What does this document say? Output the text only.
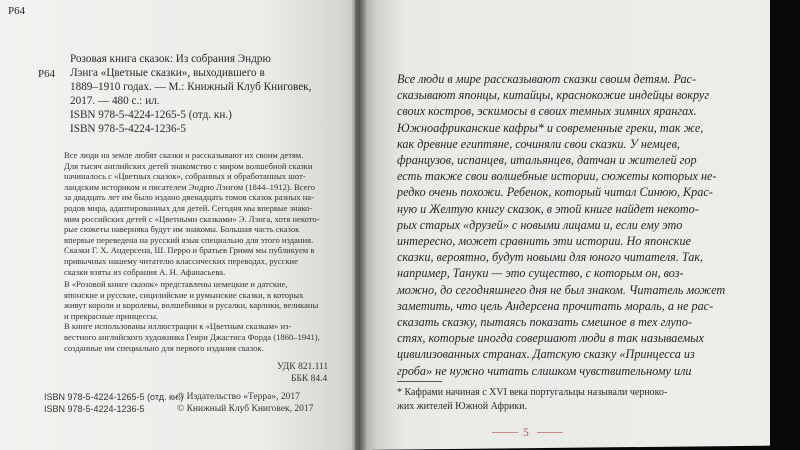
Р64
Р64
Розовая книга сказок: Из собрания Эндрю
Лэнга «Цветные сказки», выходившего в
1889–1910 годах. — М.: Книжный Клуб Книговек,
2017. — 480 с.: ил.
ISBN 978-5-4224-1265-5 (отд. кн.)
ISBN 978-5-4224-1236-5
Все люди на земле любят сказки и рассказывают их своим детям.
Для тысяч английских детей знакомство с миром волшебной сказки
начиналось с «Цветных сказок», собранных и обработанных шот-
ландским историком и писателем Эндрю Лэнгом (1844–1912). Всего
за двадцать лет им было издано двенадцать томов сказок разных на-
родов мира, адаптированных для детей. Сегодня мы впервые знако-
мим российских детей с «Цветными сказками» Э. Лэнга, хотя некото-
рые сюжеты наверняка будут им знакомы. Большая часть сказок
впервые переведена на русский язык специально для этого издания.
Сказки Г. Х. Андерсена, Ш. Перро и братьев Гримм мы публикуем в
привычных нашему читателю классических переводах, русские
сказки взяты из собрания А. Н. Афанасьева.
В «Розовой книге сказок» представлены немецкие и датские,
японские и русские, сицилийские и румынские сказки, в которых
живут короли и королевы, волшебники и русалки, карлики, великаны
и прекрасные принцессы.
В книге использованы иллюстрации к «Цветным сказкам» из-
вестного английского художника Генри Джастиса Форда (1860–1941),
созданные им специально для первого издания сказок.
УДК 821.111
ББК 84.4
ISBN 978-5-4224-1265-5 (отд. кн.)
ISBN 978-5-4224-1236-5
© Издательство «Терра», 2017
© Книжный Клуб Книговек, 2017
Все люди в мире рассказывают сказки своим детям. Рас-
сказывают японцы, китайцы, краснокожие индейцы вокруг
своих костров, эскимосы в своих темных зимних ярангах.
Южноафриканские кафры* и современные греки, так же,
как древние египтяне, сочиняли свои сказки. У немцев,
французов, испанцев, итальянцев, датчан и жителей гор
есть также свои волшебные истории, сюжеты которых не-
редко очень похожи. Ребенок, который читал Синюю, Крас-
ную и Желтую книгу сказок, в этой книге найдет некото-
рых старых «друзей» с новыми лицами и, если ему это
интересно, может сравнить эти истории. Но японские
сказки, вероятно, будут новыми для юного читателя. Так,
например, Тануки — это существо, с которым он, воз-
можно, до сегодняшнего дня не был знаком. Читатель может
заметить, что цель Андерсена прочитать мораль, а не рас-
сказать сказку, пытаясь показать смешное в тех глупо-
стях, которые иногда совершают люди в так называемых
цивилизованных странах. Датскую сказку «Принцесса из
гроба» не нужно читать слишком чувствительному или
* Кафрами начиная с XVI века португальцы называли черноко-
жих жителей Южной Африки.
5
